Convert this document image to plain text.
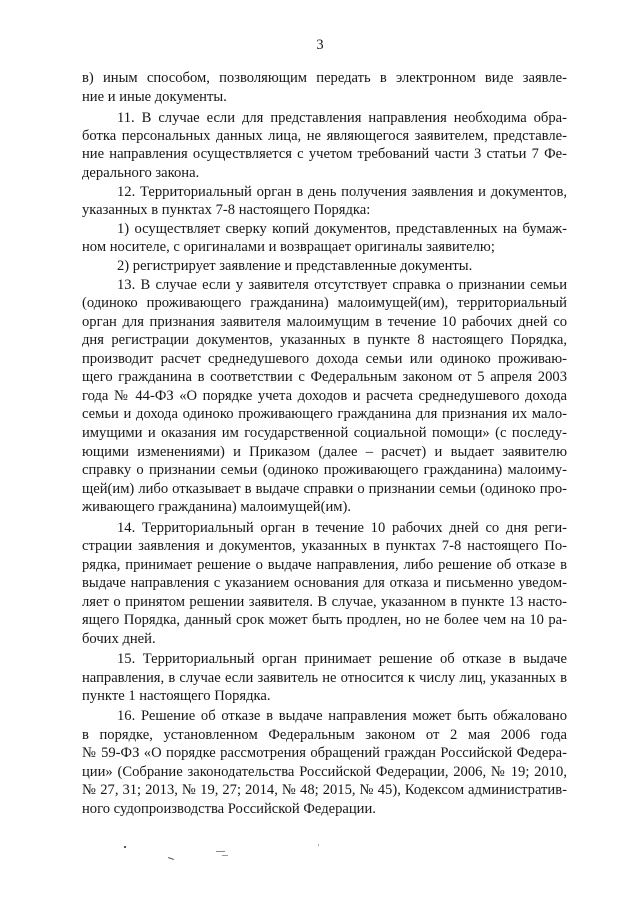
3
в) иным способом, позволяющим передать в электронном виде заявле-
ние и иные документы.
11. В случае если для представления направления необходима обра-
ботка персональных данных лица, не являющегося заявителем, представле-
ние направления осуществляется с учетом требований части 3 статьи 7 Фе-
дерального закона.
12. Территориальный орган в день получения заявления и документов,
указанных в пунктах 7-8 настоящего Порядка:
1) осуществляет сверку копий документов, представленных на бумаж-
ном носителе, с оригиналами и возвращает оригиналы заявителю;
2) регистрирует заявление и представленные документы.
13. В случае если у заявителя отсутствует справка о признании семьи
(одиноко проживающего гражданина) малоимущей(им), территориальный
орган для признания заявителя малоимущим в течение 10 рабочих дней со
дня регистрации документов, указанных в пункте 8 настоящего Порядка,
производит расчет среднедушевого дохода семьи или одиноко проживаю-
щего гражданина в соответствии с Федеральным законом от 5 апреля 2003
года № 44-ФЗ «О порядке учета доходов и расчета среднедушевого дохода
семьи и дохода одиноко проживающего гражданина для признания их мало-
имущими и оказания им государственной социальной помощи» (с последу-
ющими изменениями) и Приказом (далее – расчет) и выдает заявителю
справку о признании семьи (одиноко проживающего гражданина) малоиму-
щей(им) либо отказывает в выдаче справки о признании семьи (одиноко про-
живающего гражданина) малоимущей(им).
14. Территориальный орган в течение 10 рабочих дней со дня реги-
страции заявления и документов, указанных в пунктах 7-8 настоящего По-
рядка, принимает решение о выдаче направления, либо решение об отказе в
выдаче направления с указанием основания для отказа и письменно уведом-
ляет о принятом решении заявителя. В случае, указанном в пункте 13 насто-
ящего Порядка, данный срок может быть продлен, но не более чем на 10 ра-
бочих дней.
15. Территориальный орган принимает решение об отказе в выдаче
направления, в случае если заявитель не относится к числу лиц, указанных в
пункте 1 настоящего Порядка.
16. Решение об отказе в выдаче направления может быть обжаловано
в порядке, установленном Федеральным законом от 2 мая 2006 года
№ 59-ФЗ «О порядке рассмотрения обращений граждан Российской Федера-
ции» (Собрание законодательства Российской Федерации, 2006, № 19; 2010,
№ 27, 31; 2013, № 19, 27; 2014, № 48; 2015, № 45), Кодексом административ-
ного судопроизводства Российской Федерации.
